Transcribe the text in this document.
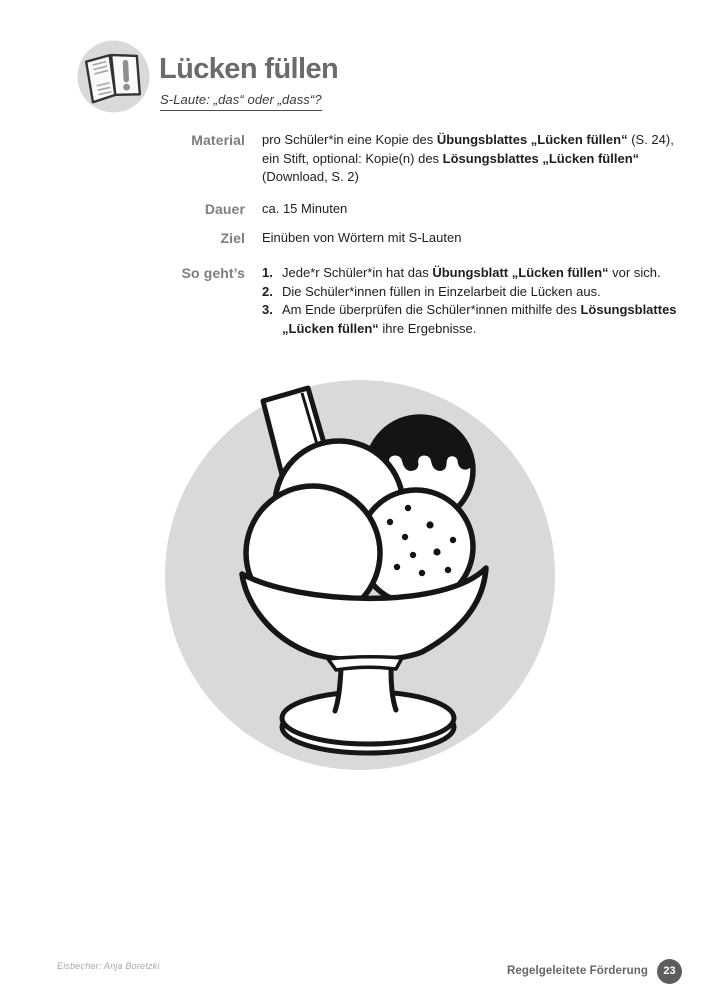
Lücken füllen
S-Laute: „das“ oder „dass“?
Material pro Schüler*in eine Kopie des Übungsblattes „Lücken füllen“ (S. 24),
ein Stift, optional: Kopie(n) des Lösungsblattes „Lücken füllen“
(Download, S. 2)
Dauer ca. 15 Minuten
Ziel Einüben von Wörtern mit S-Lauten
So geht’s 1. Jede*r Schüler*in hat das Übungsblatt „Lücken füllen“ vor sich.
2. Die Schüler*innen füllen in Einzelarbeit die Lücken aus.
3. Am Ende überprüfen die Schüler*innen mithilfe des Lösungsblattes
„Lücken füllen“ ihre Ergebnisse.
Eisbecher: Anja Boretzki	Regelgeleitete Förderung	23
